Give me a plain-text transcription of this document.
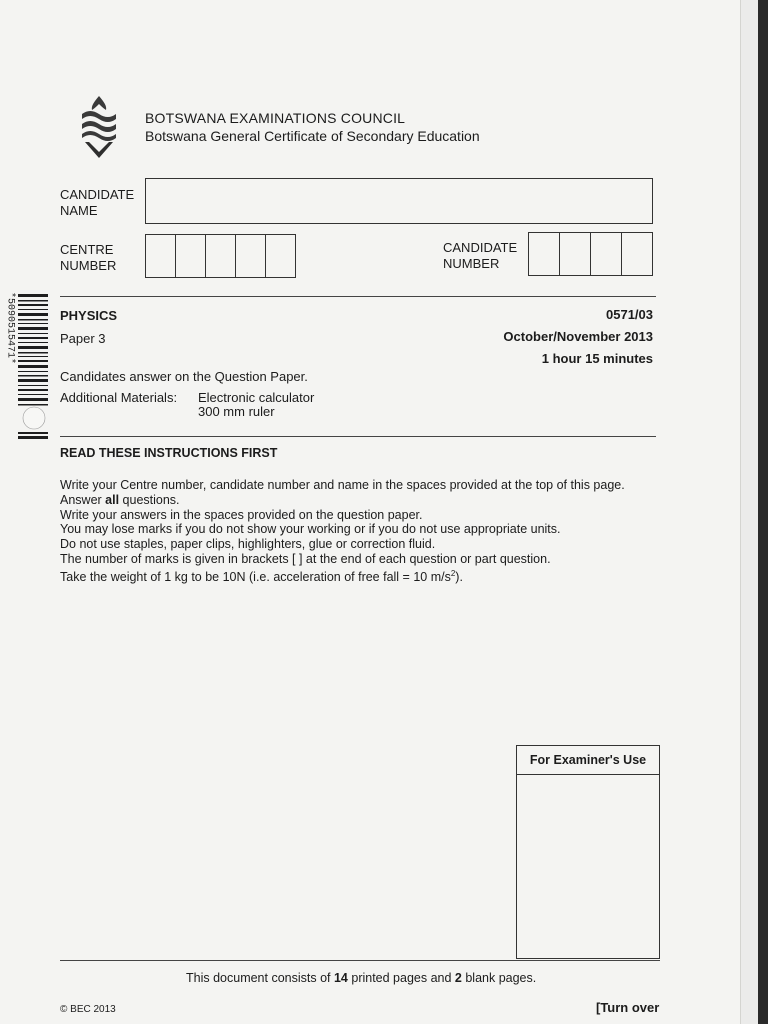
BOTSWANA EXAMINATIONS COUNCIL
Botswana General Certificate of Secondary Education
CANDIDATE
NAME
CENTRE
NUMBER
CANDIDATE
NUMBER
PHYSICS
Paper 3
0571/03
October/November 2013
1 hour 15 minutes
Candidates answer on the Question Paper.
Additional Materials: Electronic calculator
300 mm ruler
READ THESE INSTRUCTIONS FIRST
Write your Centre number, candidate number and name in the spaces provided at the top of this page.
Answer all questions.
Write your answers in the spaces provided on the question paper.
You may lose marks if you do not show your working or if you do not use appropriate units.
Do not use staples, paper clips, highlighters, glue or correction fluid.
The number of marks is given in brackets [ ] at the end of each question or part question.
Take the weight of 1 kg to be 10N (i.e. acceleration of free fall = 10 $m/s^2$).
For Examiner's Use
*5090515471*
This document consists of 14 printed pages and 2 blank pages.
© BEC 2013	[Turn over
